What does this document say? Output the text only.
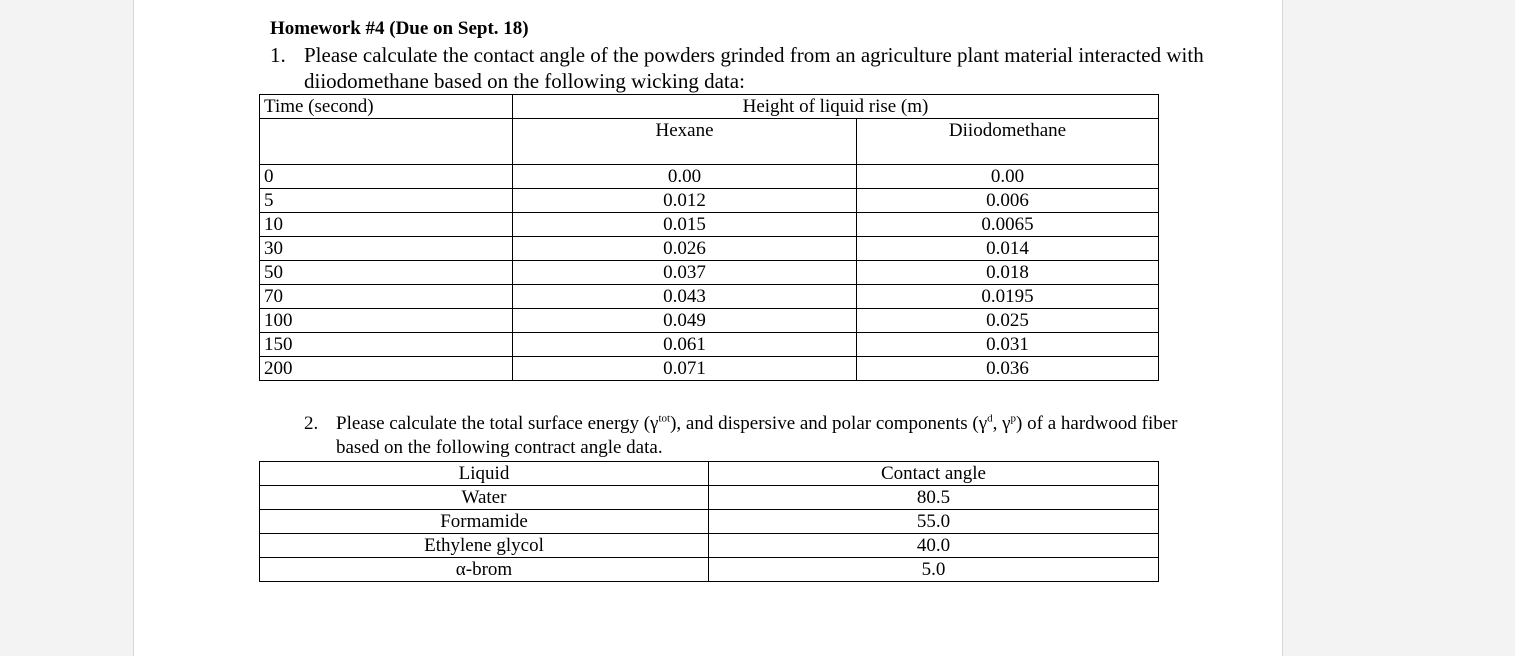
Homework #4 (Due on Sept. 18)
1. Please calculate the contact angle of the powders grinded from an agriculture plant material interacted with diiodomethane based on the following wicking data:
Time (second)	Height of liquid rise (m)	
	Hexane	Diiodomethane
0	0.00	0.00
5	0.012	0.006
10	0.015	0.0065
30	0.026	0.014
50	0.037	0.018
70	0.043	0.0195
100	0.049	0.025
150	0.061	0.031
200	0.071	0.036
2. Please calculate the total surface energy $(\gamma^{tot})$, and dispersive and polar components ($\gamma^d$, $\gamma^p$) of a hardwood fiber based on the following contract angle data.
Liquid	Contact angle
Water	80.5
Formamide	55.0
Ethylene glycol	40.0
α-brom	5.0
